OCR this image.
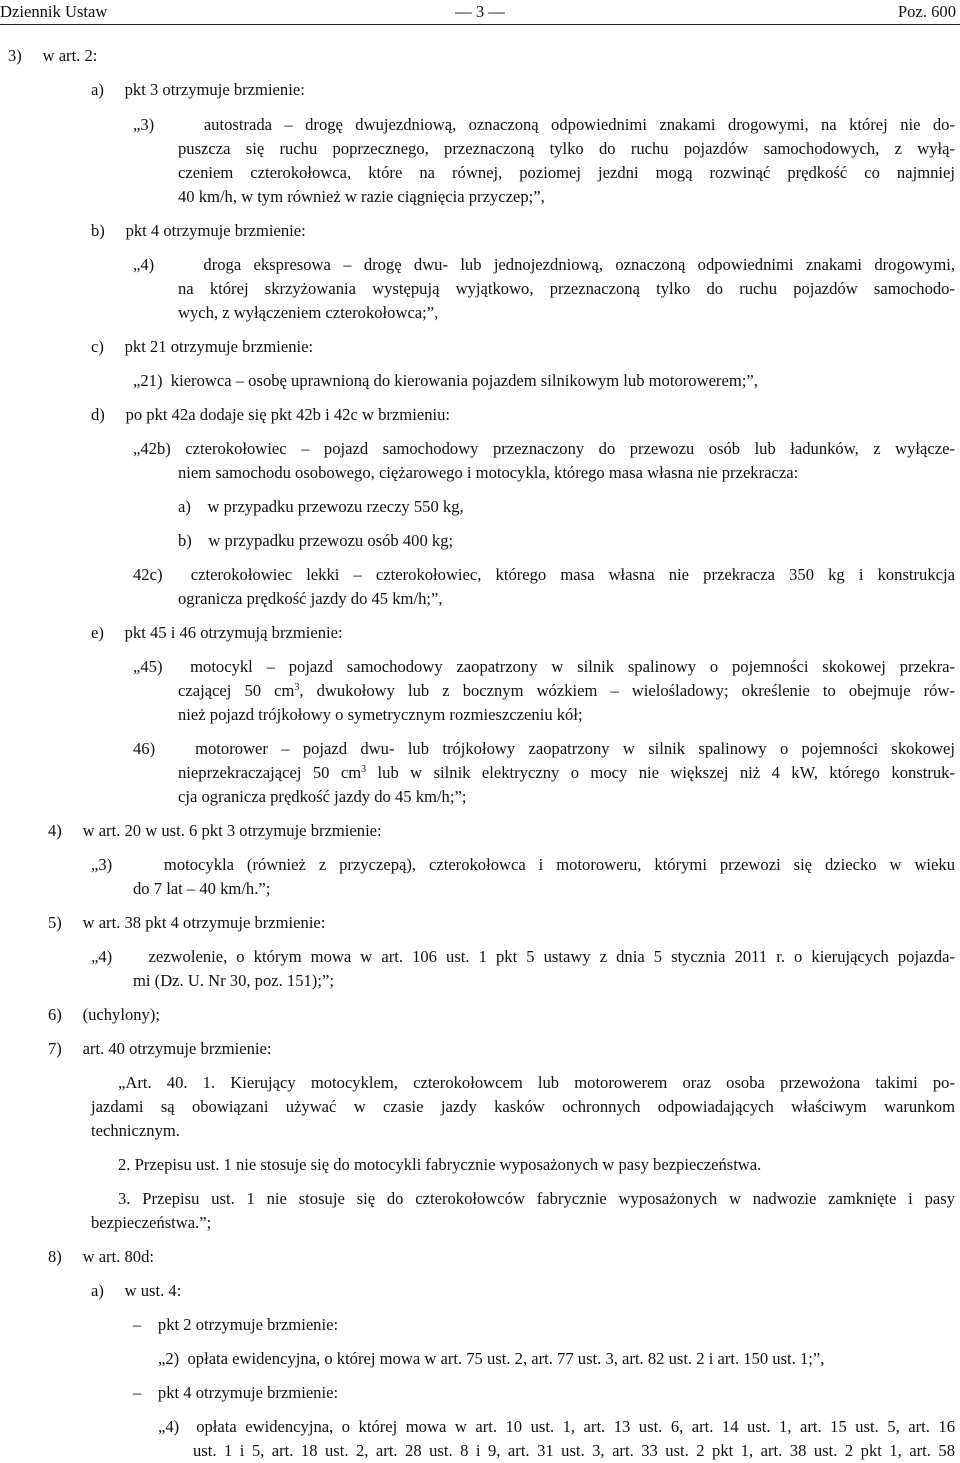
Dziennik Ustaw	— 3 —	Poz. 600
3)     w art. 2:
a)     pkt 3 otrzymuje brzmienie:
„3)    autostrada – drogę dwujezdniową, oznaczoną odpowiednimi znakami drogowymi, na której nie do-
puszcza się ruchu poprzecznego, przeznaczoną tylko do ruchu pojazdów samochodowych, z wyłą-
czeniem czterokołowca, które na równej, poziomej jezdni mogą rozwinąć prędkość co najmniej
40 km/h, w tym również w razie ciągnięcia przyczep;”,
b)     pkt 4 otrzymuje brzmienie:
„4)    droga ekspresowa – drogę dwu- lub jednojezdniową, oznaczoną odpowiednimi znakami drogowymi,
na której skrzyżowania występują wyjątkowo, przeznaczoną tylko do ruchu pojazdów samochodo-
wych, z wyłączeniem czterokołowca;”,
c)     pkt 21 otrzymuje brzmienie:
„21)  kierowca – osobę uprawnioną do kierowania pojazdem silnikowym lub motorowerem;”,
d)     po pkt 42a dodaje się pkt 42b i 42c w brzmieniu:
„42b) czterokołowiec – pojazd samochodowy przeznaczony do przewozu osób lub ładunków, z wyłącze-
niem samochodu osobowego, ciężarowego i motocykla, którego masa własna nie przekracza:
a)    w przypadku przewozu rzeczy 550 kg,
b)    w przypadku przewozu osób 400 kg;
42c)  czterokołowiec lekki – czterokołowiec, którego masa własna nie przekracza 350 kg i konstrukcja
ogranicza prędkość jazdy do 45 km/h;”,
e)     pkt 45 i 46 otrzymują brzmienie:
„45)  motocykl – pojazd samochodowy zaopatrzony w silnik spalinowy o pojemności skokowej przekra-
czającej 50 $cm^3$, dwukołowy lub z bocznym wózkiem – wielośladowy; określenie to obejmuje rów-
nież pojazd trójkołowy o symetrycznym rozmieszczeniu kół;
46)   motorower – pojazd dwu- lub trójkołowy zaopatrzony w silnik spalinowy o pojemności skokowej
nieprzekraczającej 50 $cm^3$ lub w silnik elektryczny o mocy nie większej niż 4 kW, którego konstruk-
cja ogranicza prędkość jazdy do 45 km/h;”;
4)     w art. 20 w ust. 6 pkt 3 otrzymuje brzmienie:
„3)    motocykla (również z przyczepą), czterokołowca i motoroweru, którymi przewozi się dziecko w wieku
do 7 lat – 40 km/h.”;
5)     w art. 38 pkt 4 otrzymuje brzmienie:
„4)    zezwolenie, o którym mowa w art. 106 ust. 1 pkt 5 ustawy z dnia 5 stycznia 2011 r. o kierujących pojazda-
mi (Dz. U. Nr 30, poz. 151);”;
6)     (uchylony);
7)     art. 40 otrzymuje brzmienie:
„Art. 40. 1. Kierujący motocyklem, czterokołowcem lub motorowerem oraz osoba przewożona takimi po-
jazdami są obowiązani używać w czasie jazdy kasków ochronnych odpowiadających właściwym warunkom
technicznym.
2. Przepisu ust. 1 nie stosuje się do motocykli fabrycznie wyposażonych w pasy bezpieczeństwa.
3. Przepisu ust. 1 nie stosuje się do czterokołowców fabrycznie wyposażonych w nadwozie zamknięte i pasy
bezpieczeństwa.”;
8)     w art. 80d:
a)     w ust. 4:
–    pkt 2 otrzymuje brzmienie:
„2)  opłata ewidencyjna, o której mowa w art. 75 ust. 2, art. 77 ust. 3, art. 82 ust. 2 i art. 150 ust. 1;”,
–    pkt 4 otrzymuje brzmienie:
„4)  opłata ewidencyjna, o której mowa w art. 10 ust. 1, art. 13 ust. 6, art. 14 ust. 1, art. 15 ust. 5, art. 16
ust. 1 i 5, art. 18 ust. 2, art. 28 ust. 8 i 9, art. 31 ust. 3, art. 33 ust. 2 pkt 1, art. 38 ust. 2 pkt 1, art. 58
